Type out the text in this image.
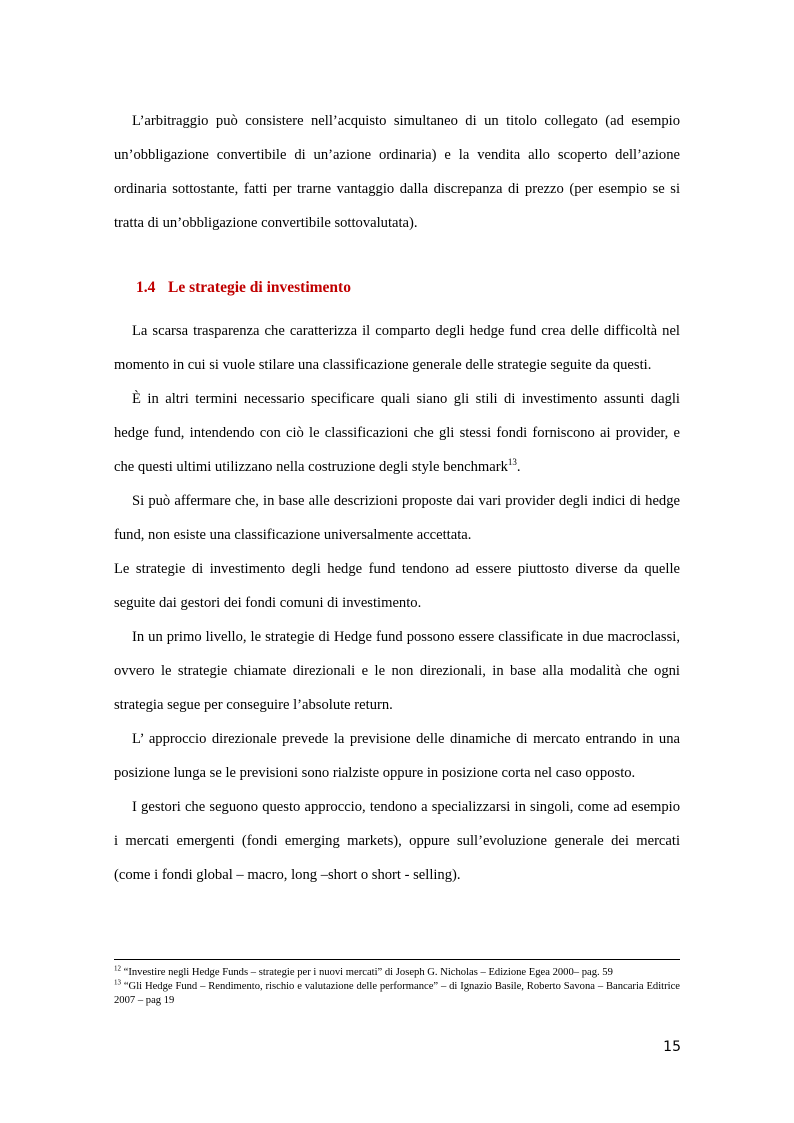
L’arbitraggio può consistere nell’acquisto simultaneo di un titolo collegato (ad esempio un’obbligazione convertibile di un’azione ordinaria) e la vendita allo scoperto dell’azione ordinaria sottostante, fatti per trarne vantaggio dalla discrepanza di prezzo (per esempio se si tratta di un’obbligazione convertibile sottovalutata).

1.4 Le strategie di investimento

La scarsa trasparenza che caratterizza il comparto degli hedge fund crea delle difficoltà nel momento in cui si vuole stilare una classificazione generale delle strategie seguite da questi.

È in altri termini necessario specificare quali siano gli stili di investimento assunti dagli hedge fund, intendendo con ciò le classificazioni che gli stessi fondi forniscono ai provider, e che questi ultimi utilizzano nella costruzione degli style benchmark$^{13}$.

Si può affermare che, in base alle descrizioni proposte dai vari provider degli indici di hedge fund, non esiste una classificazione universalmente accettata.

Le strategie di investimento degli hedge fund tendono ad essere piuttosto diverse da quelle seguite dai gestori dei fondi comuni di investimento.

In un primo livello, le strategie di Hedge fund possono essere classificate in due macroclassi, ovvero le strategie chiamate direzionali e le non direzionali, in base alla modalità che ogni strategia segue per conseguire l’absolute return.

L’ approccio direzionale prevede la previsione delle dinamiche di mercato entrando in una posizione lunga se le previsioni sono rialziste oppure in posizione corta nel caso opposto.

I gestori che seguono questo approccio, tendono a specializzarsi in singoli, come ad esempio i mercati emergenti (fondi emerging markets), oppure sull’evoluzione generale dei mercati (come i fondi global – macro, long –short o short - selling).

$^{12}$ “Investire negli Hedge Funds – strategie per i nuovi mercati” di Joseph G. Nicholas – Edizione Egea 2000– pag. 59

$^{13}$ “Gli Hedge Fund – Rendimento, rischio e valutazione delle performance” – di Ignazio Basile, Roberto Savona – Bancaria Editrice 2007 – pag 19

15
